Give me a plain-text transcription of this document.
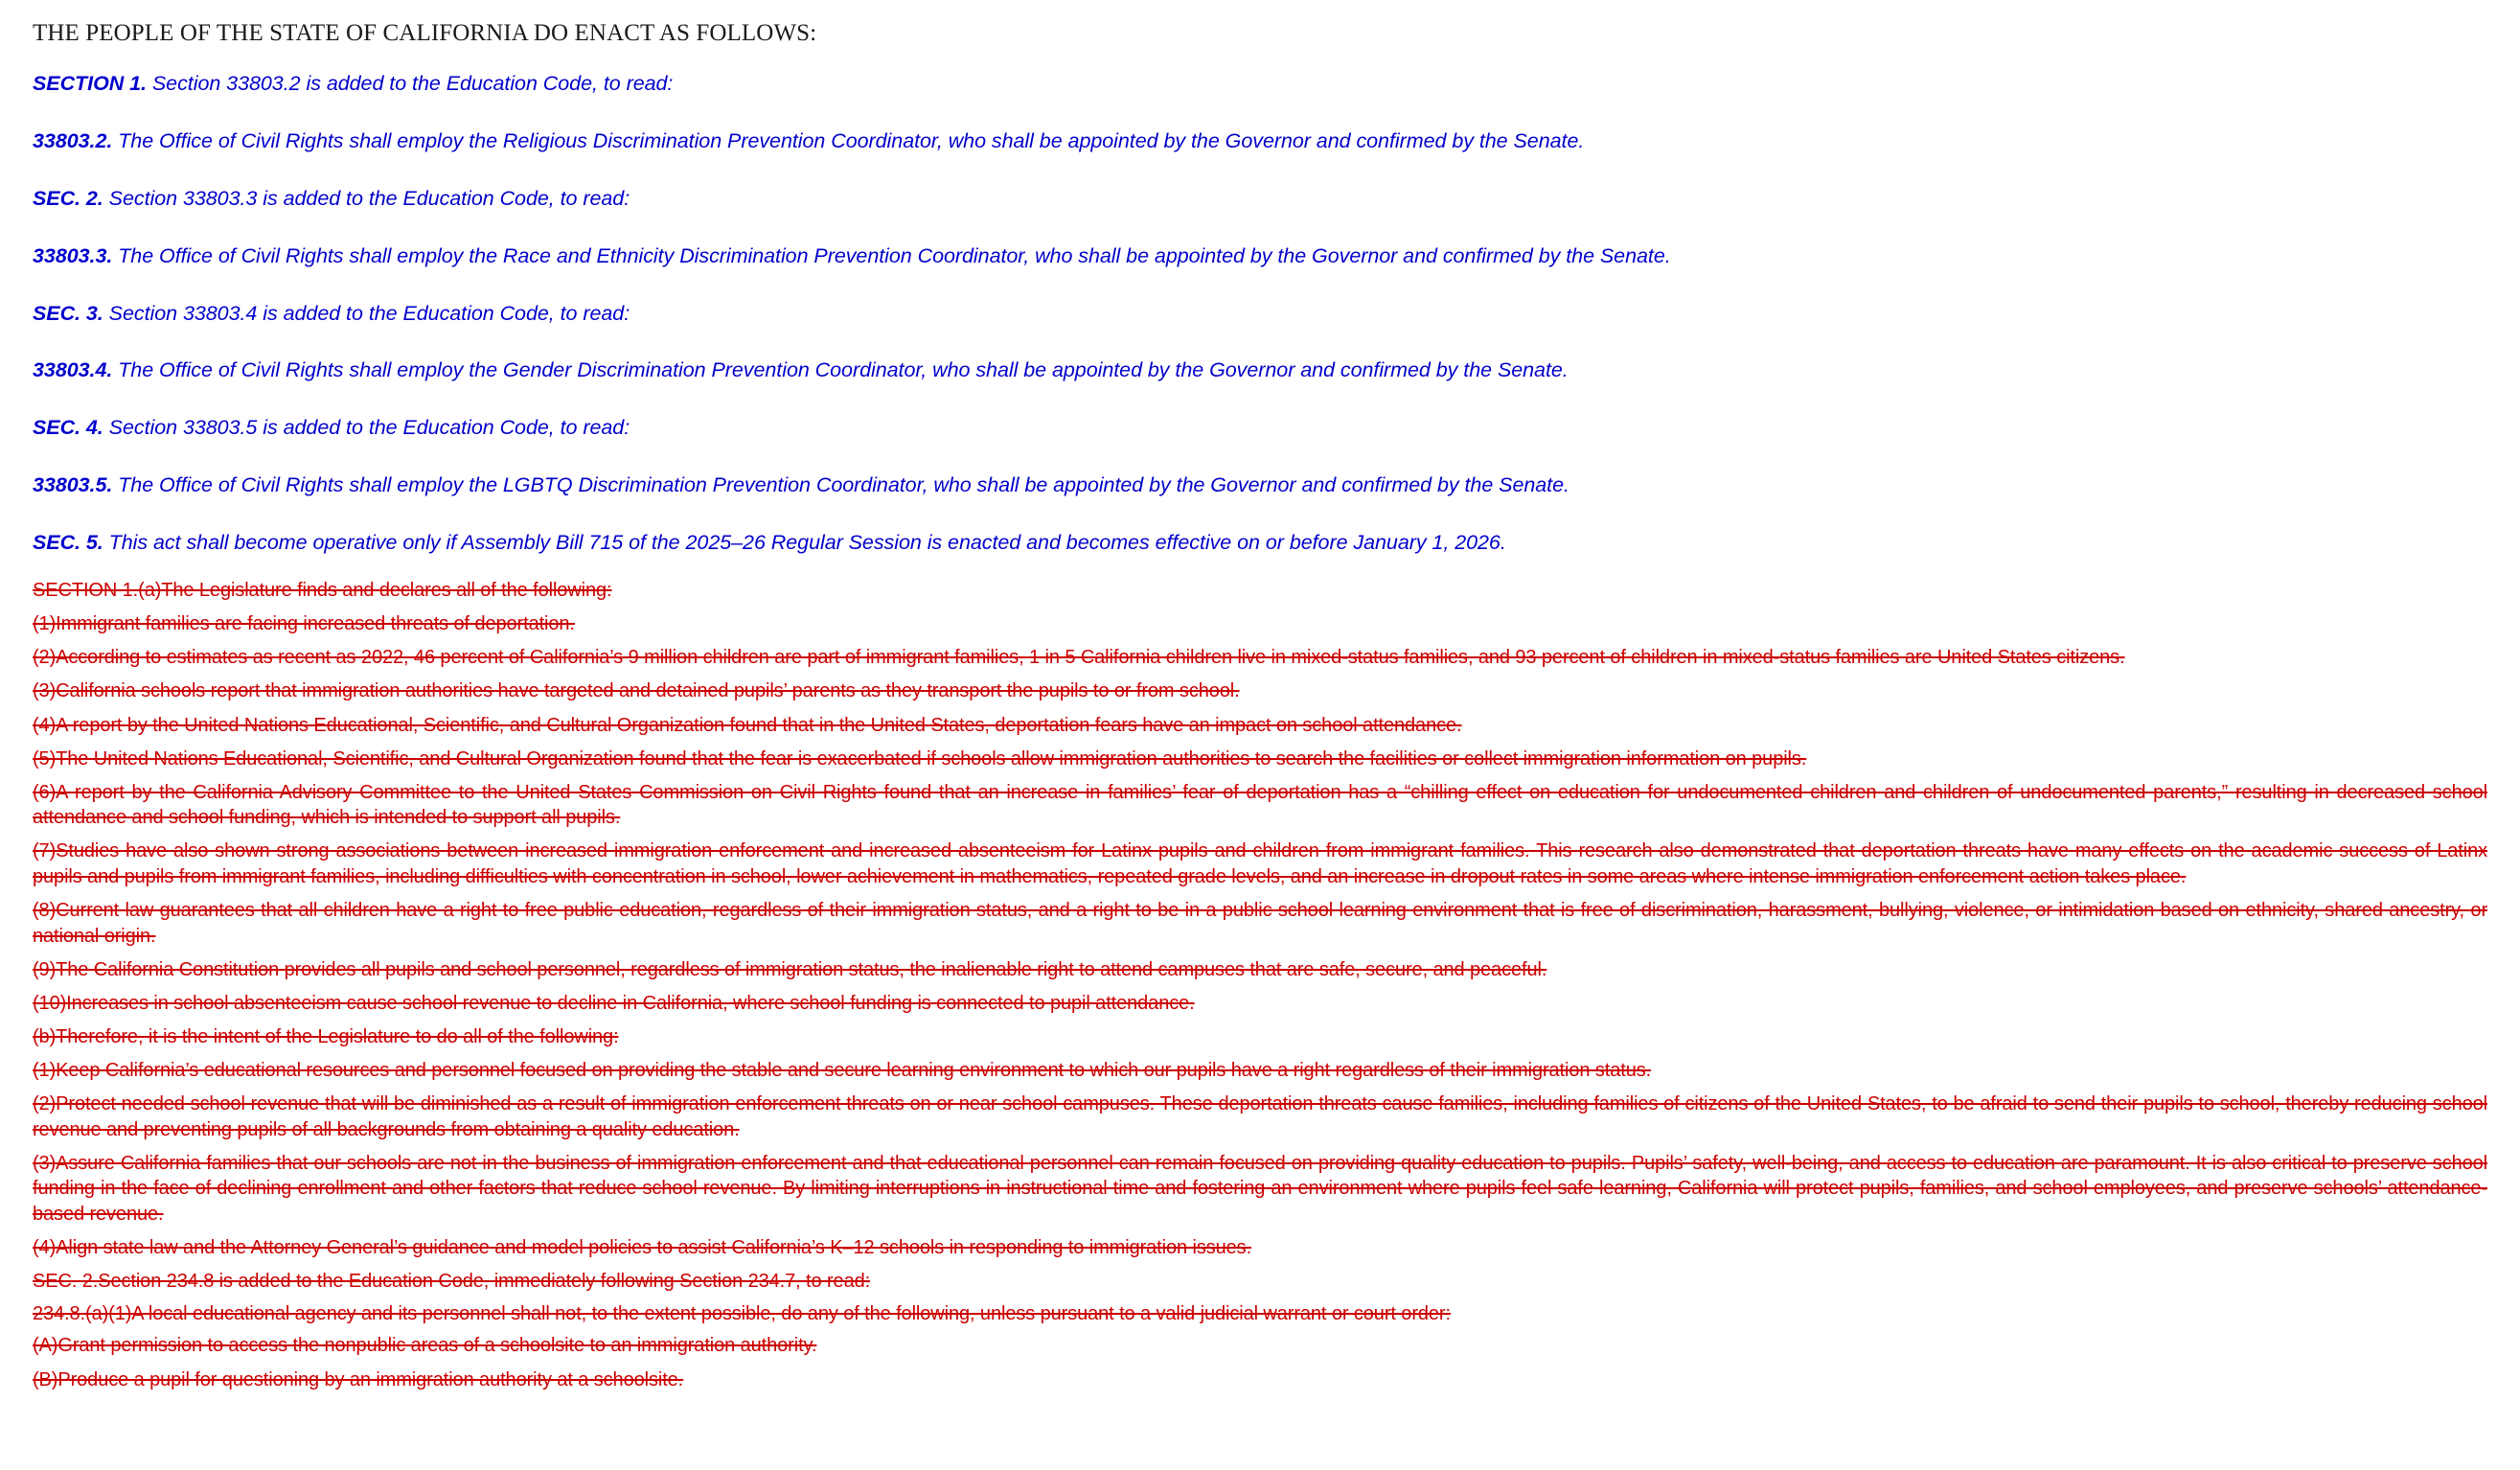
THE PEOPLE OF THE STATE OF CALIFORNIA DO ENACT AS FOLLOWS:

SECTION 1. Section 33803.2 is added to the Education Code, to read:

33803.2. The Office of Civil Rights shall employ the Religious Discrimination Prevention Coordinator, who shall be appointed by the Governor and confirmed by the Senate.

SEC. 2. Section 33803.3 is added to the Education Code, to read:

33803.3. The Office of Civil Rights shall employ the Race and Ethnicity Discrimination Prevention Coordinator, who shall be appointed by the Governor and confirmed by the Senate.

SEC. 3. Section 33803.4 is added to the Education Code, to read:

33803.4. The Office of Civil Rights shall employ the Gender Discrimination Prevention Coordinator, who shall be appointed by the Governor and confirmed by the Senate.

SEC. 4. Section 33803.5 is added to the Education Code, to read:

33803.5. The Office of Civil Rights shall employ the LGBTQ Discrimination Prevention Coordinator, who shall be appointed by the Governor and confirmed by the Senate.

SEC. 5. This act shall become operative only if Assembly Bill 715 of the 2025–26 Regular Session is enacted and becomes effective on or before January 1, 2026.

SECTION 1.(a)The Legislature finds and declares all of the following:

(1)Immigrant families are facing increased threats of deportation.

(2)According to estimates as recent as 2022, 46 percent of California’s 9 million children are part of immigrant families, 1 in 5 California children live in mixed-status families, and 93 percent of children in mixed-status families are United States citizens.

(3)California schools report that immigration authorities have targeted and detained pupils’ parents as they transport the pupils to or from school.

(4)A report by the United Nations Educational, Scientific, and Cultural Organization found that in the United States, deportation fears have an impact on school attendance.

(5)The United Nations Educational, Scientific, and Cultural Organization found that the fear is exacerbated if schools allow immigration authorities to search the facilities or collect immigration information on pupils.

(6)A report by the California Advisory Committee to the United States Commission on Civil Rights found that an increase in families’ fear of deportation has a “chilling effect on education for undocumented children and children of undocumented parents,” resulting in decreased school attendance and school funding, which is intended to support all pupils.

(7)Studies have also shown strong associations between increased immigration enforcement and increased absenteeism for Latinx pupils and children from immigrant families. This research also demonstrated that deportation threats have many effects on the academic success of Latinx pupils and pupils from immigrant families, including difficulties with concentration in school, lower achievement in mathematics, repeated grade levels, and an increase in dropout rates in some areas where intense immigration enforcement action takes place.

(8)Current law guarantees that all children have a right to free public education, regardless of their immigration status, and a right to be in a public school learning environment that is free of discrimination, harassment, bullying, violence, or intimidation based on ethnicity, shared ancestry, or national origin.

(9)The California Constitution provides all pupils and school personnel, regardless of immigration status, the inalienable right to attend campuses that are safe, secure, and peaceful.

(10)Increases in school absenteeism cause school revenue to decline in California, where school funding is connected to pupil attendance.

(b)Therefore, it is the intent of the Legislature to do all of the following:

(1)Keep California’s educational resources and personnel focused on providing the stable and secure learning environment to which our pupils have a right regardless of their immigration status.

(2)Protect needed school revenue that will be diminished as a result of immigration enforcement threats on or near school campuses. These deportation threats cause families, including families of citizens of the United States, to be afraid to send their pupils to school, thereby reducing school revenue and preventing pupils of all backgrounds from obtaining a quality education.

(3)Assure California families that our schools are not in the business of immigration enforcement and that educational personnel can remain focused on providing quality education to pupils. Pupils’ safety, well-being, and access to education are paramount. It is also critical to preserve school funding in the face of declining enrollment and other factors that reduce school revenue. By limiting interruptions in instructional time and fostering an environment where pupils feel safe learning, California will protect pupils, families, and school employees, and preserve schools’ attendance-based revenue.

(4)Align state law and the Attorney General’s guidance and model policies to assist California’s K–12 schools in responding to immigration issues.

SEC. 2.Section 234.8 is added to the Education Code, immediately following Section 234.7, to read:

234.8.(a)(1)A local educational agency and its personnel shall not, to the extent possible, do any of the following, unless pursuant to a valid judicial warrant or court order:

(A)Grant permission to access the nonpublic areas of a schoolsite to an immigration authority.

(B)Produce a pupil for questioning by an immigration authority at a schoolsite.
